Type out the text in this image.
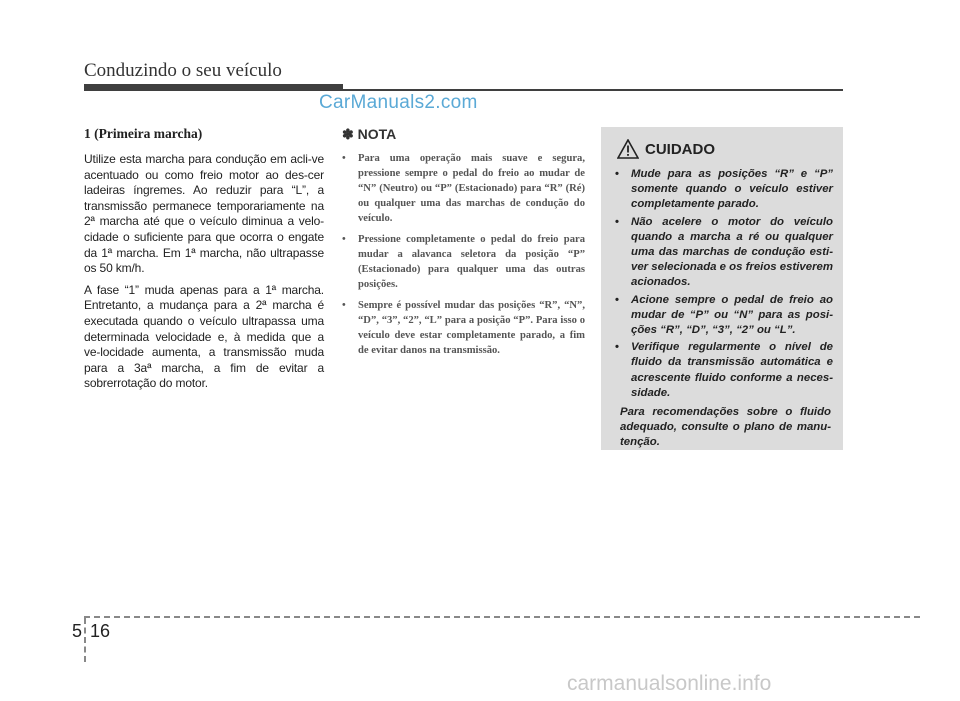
Conduzindo o seu veículo
CarManuals2.com
1 (Primeira marcha)

Utilize esta marcha para condução em acli-ve acentuado ou como freio motor ao des-cer ladeiras íngremes. Ao reduzir para “L”, a transmissão permanece temporariamente na 2ª marcha até que o veículo diminua a velo-cidade o suficiente para que ocorra o engate da 1ª marcha. Em 1ª marcha, não ultrapasse os 50 km/h.

A fase “1” muda apenas para a 1ª marcha. Entretanto, a mudança para a 2ª marcha é executada quando o veículo ultrapassa uma determinada velocidade e, à medida que a ve-locidade aumenta, a transmissão muda para a 3aª marcha, a fim de evitar a sobrerrotação do motor.

✽ NOTA
• Para uma operação mais suave e segura, pressione sempre o pedal do freio ao mudar de “N” (Neutro) ou “P” (Estacionado) para “R” (Ré) ou qualquer uma das marchas de condução do veículo.
• Pressione completamente o pedal do freio para mudar a alavanca seletora da posição “P” (Estacionado) para qualquer uma das outras posições.
• Sempre é possível mudar das posições “R”, “N”, “D”, “3”, “2”, “L” para a posição “P”. Para isso o veículo deve estar completamente parado, a fim de evitar danos na transmissão.
CUIDADO
• Mude para as posições “R” e “P” somente quando o veículo estiver completamente parado.
• Não acelere o motor do veículo quando a marcha a ré ou qualquer uma das marchas de condução esti-ver selecionada e os freios estiverem acionados.
• Acione sempre o pedal de freio ao mudar de “P” ou “N” para as posi-ções “R”, “D”, “3”, “2” ou “L”.
• Verifique regularmente o nível de fluido da transmissão automática e acrescente fluido conforme a neces-sidade.
Para recomendações sobre o fluido adequado, consulte o plano de manu-tenção.
5 16
carmanualsonline.info
